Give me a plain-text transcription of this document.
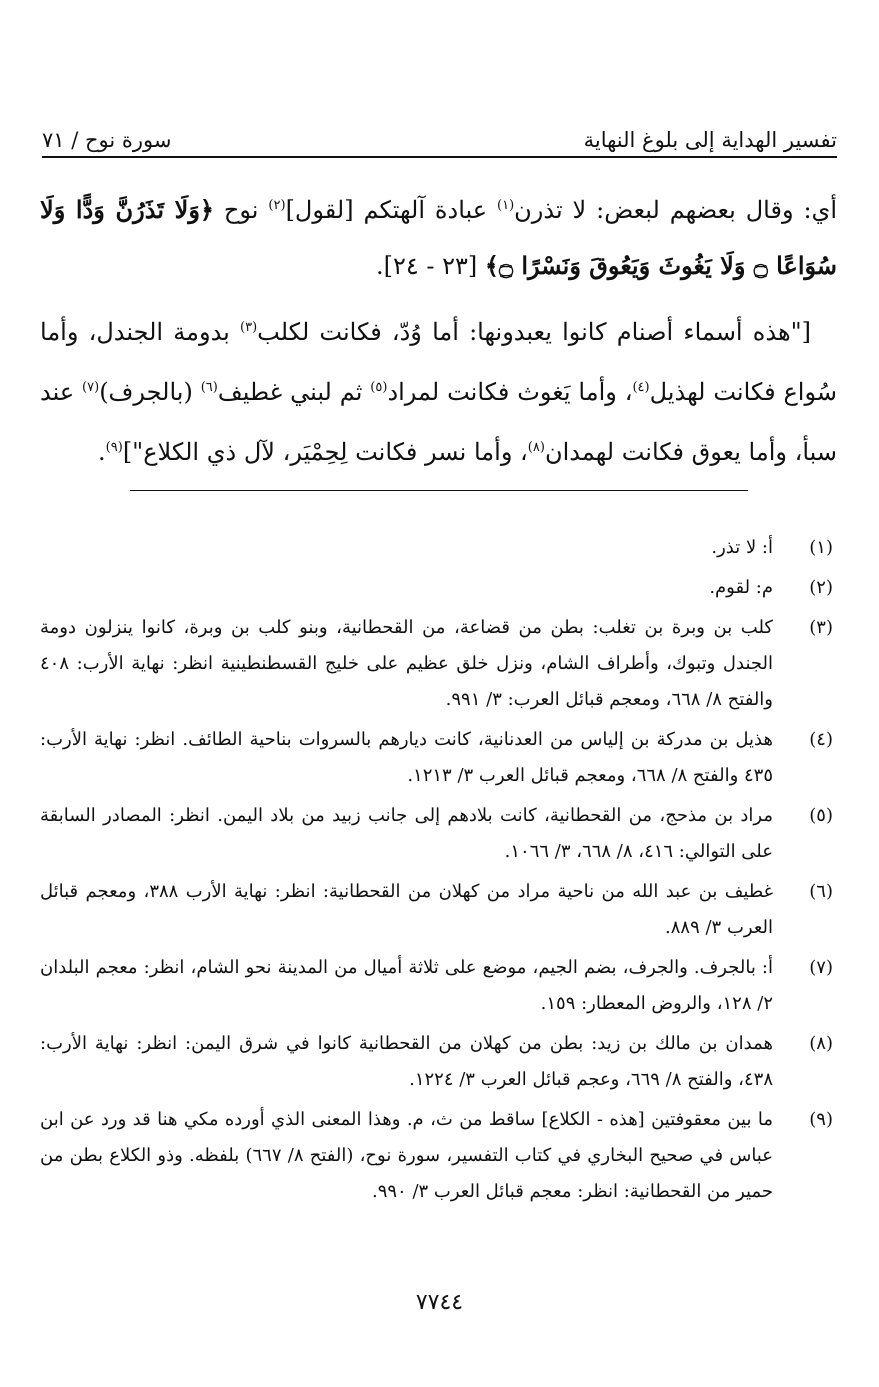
تفسير الهداية إلى بلوغ النهاية
سورة نوح / ٧١

أي: وقال بعضهم لبعض: لا تذرن$^{(١)}$ عبادة آلهتكم [لقول]$^{(٢)}$ نوح ﴿وَلَا تَذَرُنَّ وَدًّا وَلَا سُوَاعًا ۝ وَلَا يَغُوثَ وَيَعُوقَ وَنَسْرًا ۝﴾ [٢٣ - ٢٤].

["هذه أسماء أصنام كانوا يعبدونها: أما وُدّ، فكانت لكلب$^{(٣)}$ بدومة الجندل، وأما سُواع فكانت لهذيل$^{(٤)}$، وأما يَغوث فكانت لمراد$^{(٥)}$ ثم لبني غطيف$^{(٦)}$ (بالجرف)$^{(٧)}$ عند سبأ، وأما يعوق فكانت لهمدان$^{(٨)}$، وأما نسر فكانت لِحِمْيَر، لآل ذي الكلاع"]$^{(٩)}$.

(١)
أ: لا تذر.
(٢)
م: لقوم.
(٣)
كلب بن وبرة بن تغلب: بطن من قضاعة، من القحطانية، وبنو كلب بن وبرة، كانوا ينزلون دومة الجندل وتبوك، وأطراف الشام، ونزل خلق عظيم على خليج القسطنطينية انظر: نهاية الأرب: ٤٠٨ والفتح ٨/ ٦٦٨، ومعجم قبائل العرب: ٣/ ٩٩١.
(٤)
هذيل بن مدركة بن إلياس من العدنانية، كانت ديارهم بالسروات بناحية الطائف. انظر: نهاية الأرب: ٤٣٥ والفتح ٨/ ٦٦٨، ومعجم قبائل العرب ٣/ ١٢١٣.
(٥)
مراد بن مذحج، من القحطانية، كانت بلادهم إلى جانب زبيد من بلاد اليمن. انظر: المصادر السابقة على التوالي: ٤١٦، ٨/ ٦٦٨، ٣/ ١٠٦٦.
(٦)
غطيف بن عبد الله من ناحية مراد من كهلان من القحطانية: انظر: نهاية الأرب ٣٨٨، ومعجم قبائل العرب ٣/ ٨٨٩.
(٧)
أ: بالجرف. والجرف، بضم الجيم، موضع على ثلاثة أميال من المدينة نحو الشام، انظر: معجم البلدان ٢/ ١٢٨، والروض المعطار: ١٥٩.
(٨)
همدان بن مالك بن زيد: بطن من كهلان من القحطانية كانوا في شرق اليمن: انظر: نهاية الأرب: ٤٣٨، والفتح ٨/ ٦٦٩، وعجم قبائل العرب ٣/ ١٢٢٤.
(٩)
ما بين معقوفتين [هذه - الكلاع] ساقط من ث، م. وهذا المعنى الذي أورده مكي هنا قد ورد عن ابن عباس في صحيح البخاري في كتاب التفسير، سورة نوح، (الفتح ٨/ ٦٦٧) بلفظه. وذو الكلاع بطن من حمير من القحطانية: انظر: معجم قبائل العرب ٣/ ٩٩٠.
٧٧٤٤
